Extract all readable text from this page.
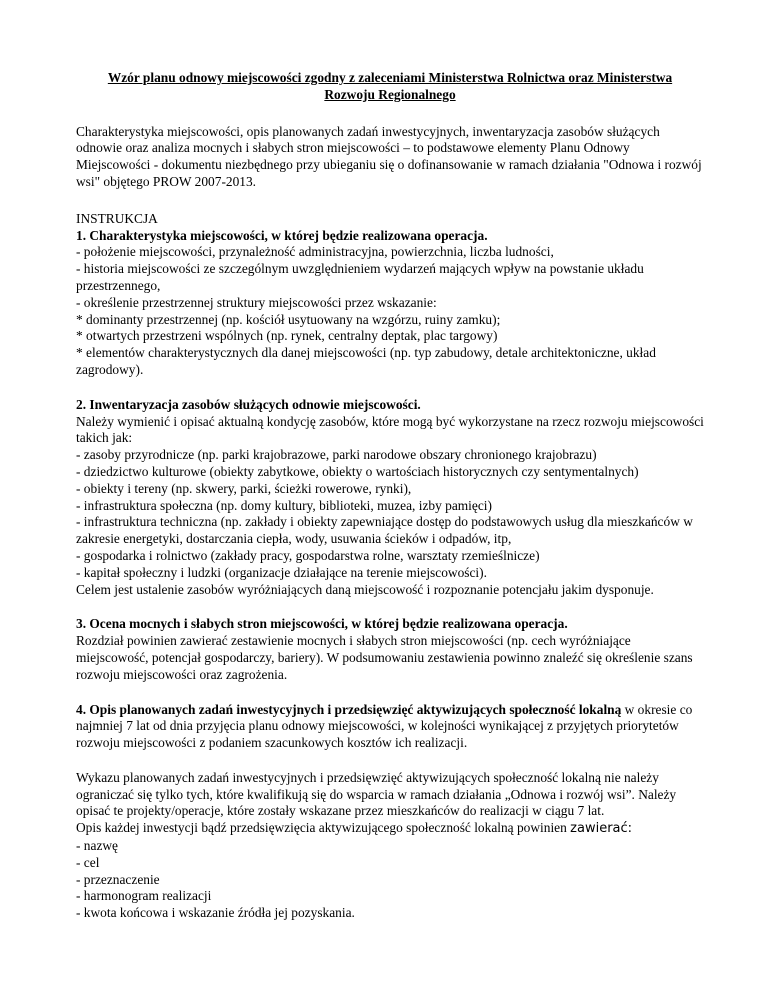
Wzór planu odnowy miejscowości zgodny z zaleceniami Ministerstwa Rolnictwa oraz Ministerstwa
Rozwoju Regionalnego

Charakterystyka miejscowości, opis planowanych zadań inwestycyjnych, inwentaryzacja zasobów służących odnowie oraz analiza mocnych i słabych stron miejscowości – to podstawowe elementy Planu Odnowy Miejscowości - dokumentu niezbędnego przy ubieganiu się o dofinansowanie w ramach działania "Odnowa i rozwój wsi" objętego PROW 2007-2013.

INSTRUKCJA
1. Charakterystyka miejscowości, w której będzie realizowana operacja.
- położenie miejscowości, przynależność administracyjna, powierzchnia, liczba ludności,
- historia miejscowości ze szczególnym uwzględnieniem wydarzeń mających wpływ na powstanie układu przestrzennego,
- określenie przestrzennej struktury miejscowości przez wskazanie:
* dominanty przestrzennej (np. kościół usytuowany na wzgórzu, ruiny zamku);
* otwartych przestrzeni wspólnych (np. rynek, centralny deptak, plac targowy)
* elementów charakterystycznych dla danej miejscowości (np. typ zabudowy, detale architektoniczne, układ zagrodowy).
2. Inwentaryzacja zasobów służących odnowie miejscowości.
Należy wymienić i opisać aktualną kondycję zasobów, które mogą być wykorzystane na rzecz rozwoju miejscowości takich jak:
- zasoby przyrodnicze (np. parki krajobrazowe, parki narodowe obszary chronionego krajobrazu)
- dziedzictwo kulturowe (obiekty zabytkowe, obiekty o wartościach historycznych czy sentymentalnych)
- obiekty i tereny (np. skwery, parki, ścieżki rowerowe, rynki),
- infrastruktura społeczna (np. domy kultury, biblioteki, muzea, izby pamięci)
- infrastruktura techniczna (np. zakłady i obiekty zapewniające dostęp do podstawowych usług dla mieszkańców w zakresie energetyki, dostarczania ciepła, wody, usuwania ścieków i odpadów, itp,
- gospodarka i rolnictwo (zakłady pracy, gospodarstwa rolne, warsztaty rzemieślnicze)
- kapitał społeczny i ludzki (organizacje działające na terenie miejscowości).
Celem jest ustalenie zasobów wyróżniających daną miejscowość i rozpoznanie potencjału jakim dysponuje.
3. Ocena mocnych i słabych stron miejscowości, w której będzie realizowana operacja.
Rozdział powinien zawierać zestawienie mocnych i słabych stron miejscowości (np. cech wyróżniające miejscowość, potencjał gospodarczy, bariery). W podsumowaniu zestawienia powinno znaleźć się określenie szans rozwoju miejscowości oraz zagrożenia.

4. Opis planowanych zadań inwestycyjnych i przedsięwzięć aktywizujących społeczność lokalną w okresie co najmniej 7 lat od dnia przyjęcia planu odnowy miejscowości, w kolejności wynikającej z przyjętych priorytetów rozwoju miejscowości z podaniem szacunkowych kosztów ich realizacji.

Wykazu planowanych zadań inwestycyjnych i przedsięwzięć aktywizujących społeczność lokalną nie należy ograniczać się tylko tych, które kwalifikują się do wsparcia w ramach działania „Odnowa i rozwój wsi”. Należy opisać te projekty/operacje, które zostały wskazane przez mieszkańców do realizacji w ciągu 7 lat.
Opis każdej inwestycji bądź przedsięwzięcia aktywizującego społeczność lokalną powinien zawierać:
- nazwę
- cel
- przeznaczenie
- harmonogram realizacji
- kwota końcowa i wskazanie źródła jej pozyskania.
